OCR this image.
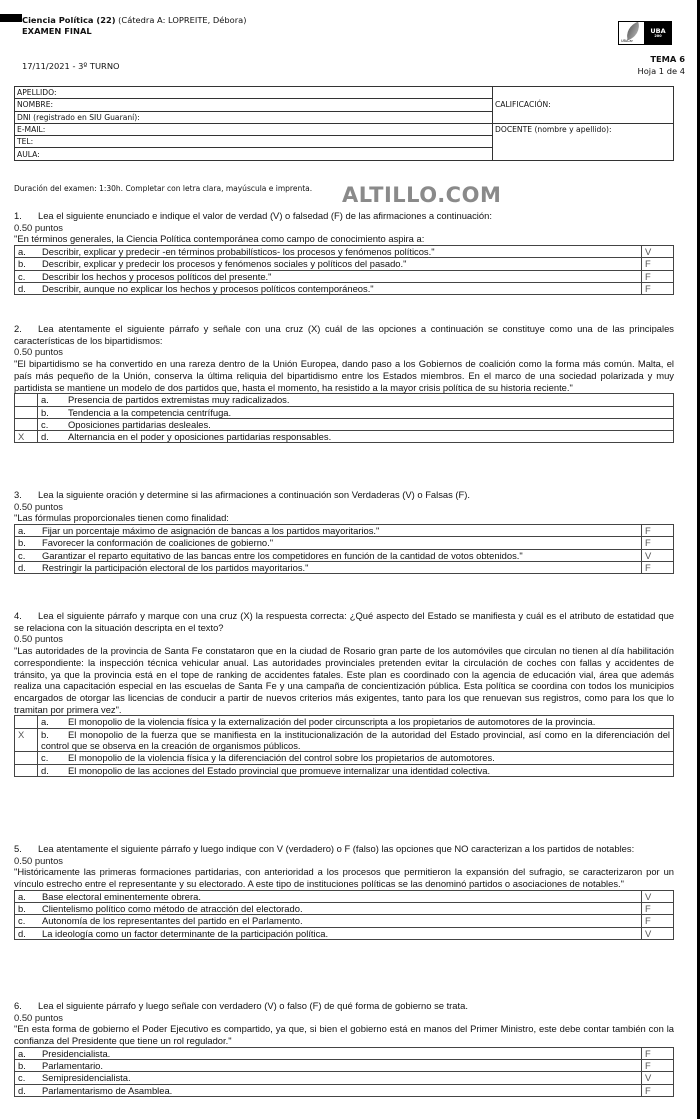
Ciencia Política (22) (Cátedra A: LOPREITE, Débora)
EXAMEN FINAL
17/11/2021 - 3º TURNO
UBA.ar
UBA
200
TEMA 6
Hoja 1 de 4
APELLIDO:	CALIFICACIÓN:
NOMBRE:	
DNI (registrado en SIU Guaraní):	
E-MAIL:	DOCENTE (nombre y apellido):
TEL:	
AULA:	
Duración del examen: 1:30h. Completar con letra clara, mayúscula e imprenta. ALTILLO.COM
1. Lea el siguiente enunciado e indique el valor de verdad (V) o falsedad (F) de las afirmaciones a continuación:
0.50 puntos
"En términos generales, la Ciencia Política contemporánea como campo de conocimiento aspira a:
a. Describir, explicar y predecir -en términos probabilísticos- los procesos y fenómenos políticos."	V
b. Describir, explicar y predecir los procesos y fenómenos sociales y políticos del pasado."	F
c. Describir los hechos y procesos políticos del presente."	F
d. Describir, aunque no explicar los hechos y procesos políticos contemporáneos."	F
2. Lea atentamente el siguiente párrafo y señale con una cruz (X) cuál de las opciones a continuación se constituye como una de las principales características de los bipartidismos:
0.50 puntos
"El bipartidismo se ha convertido en una rareza dentro de la Unión Europea, dando paso a los Gobiernos de coalición como la forma más común. Malta, el país más pequeño de la Unión, conserva la última reliquia del bipartidismo entre los Estados miembros. En el marco de una sociedad polarizada y muy partidista se mantiene un modelo de dos partidos que, hasta el momento, ha resistido a la mayor crisis política de su historia reciente."
	a. Presencia de partidos extremistas muy radicalizados.
	b. Tendencia a la competencia centrífuga.
	c. Oposiciones partidarias desleales.
X	d. Alternancia en el poder y oposiciones partidarias responsables.
3. Lea la siguiente oración y determine si las afirmaciones a continuación son Verdaderas (V) o Falsas (F).
0.50 puntos
"Las fórmulas proporcionales tienen como finalidad:
a. Fijar un porcentaje máximo de asignación de bancas a los partidos mayoritarios."	F
b. Favorecer la conformación de coaliciones de gobierno."	F
c. Garantizar el reparto equitativo de las bancas entre los competidores en función de la cantidad de votos obtenidos."	V
d. Restringir la participación electoral de los partidos mayoritarios."	F
4. Lea el siguiente párrafo y marque con una cruz (X) la respuesta correcta: ¿Qué aspecto del Estado se manifiesta y cuál es el atributo de estatidad que se relaciona con la situación descripta en el texto?
0.50 puntos
"Las autoridades de la provincia de Santa Fe constataron que en la ciudad de Rosario gran parte de los automóviles que circulan no tienen al día habilitación correspondiente: la inspección técnica vehicular anual. Las autoridades provinciales pretenden evitar la circulación de coches con fallas y accidentes de tránsito, ya que la provincia está en el tope de ranking de accidentes fatales. Este plan es coordinado con la agencia de educación vial, área que además realiza una capacitación especial en las escuelas de Santa Fe y una campaña de concientización pública. Esta política se coordina con todos los municipios encargados de otorgar las licencias de conducir a partir de nuevos criterios más exigentes, tanto para los que renuevan sus registros, como para los que lo tramitan por primera vez".
	a. El monopolio de la violencia física y la externalización del poder circunscripta a los propietarios de automotores de la provincia.
X	b. El monopolio de la fuerza que se manifiesta en la institucionalización de la autoridad del Estado provincial, así como en la diferenciación del control que se observa en la creación de organismos públicos.
	c. El monopolio de la violencia física y la diferenciación del control sobre los propietarios de automotores.
	d. El monopolio de las acciones del Estado provincial que promueve internalizar una identidad colectiva.
5. Lea atentamente el siguiente párrafo y luego indique con V (verdadero) o F (falso) las opciones que NO caracterizan a los partidos de notables:
0.50 puntos
"Históricamente las primeras formaciones partidarias, con anterioridad a los procesos que permitieron la expansión del sufragio, se caracterizaron por un vínculo estrecho entre el representante y su electorado. A este tipo de instituciones políticas se las denominó partidos o asociaciones de notables."
a. Base electoral eminentemente obrera.	V
b. Clientelismo político como método de atracción del electorado.	F
c. Autonomía de los representantes del partido en el Parlamento.	F
d. La ideología como un factor determinante de la participación política.	V
6. Lea el siguiente párrafo y luego señale con verdadero (V) o falso (F) de qué forma de gobierno se trata.
0.50 puntos
"En esta forma de gobierno el Poder Ejecutivo es compartido, ya que, si bien el gobierno está en manos del Primer Ministro, este debe contar también con la confianza del Presidente que tiene un rol regulador."
a. Presidencialista.	F
b. Parlamentario.	F
c. Semipresidencialista.	V
d. Parlamentarismo de Asamblea.	F
